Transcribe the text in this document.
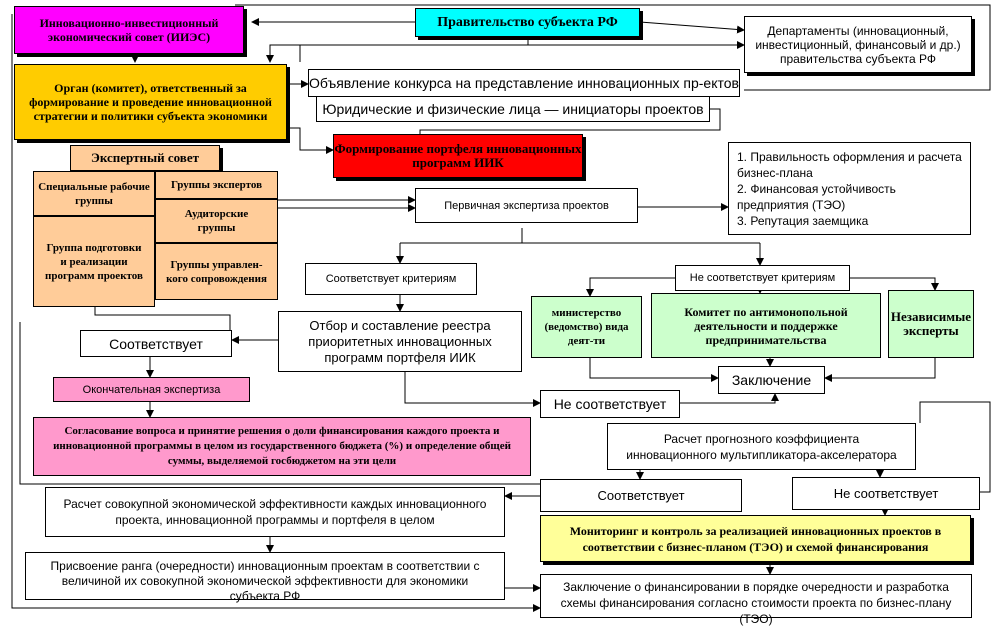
Инновационно-инвестиционный экономический совет (ИИЭС)
Правительство субъекта РФ
Департаменты (инновационный, инвестиционный, финансовый и др.) правительства субъекта РФ
Орган (комитет), ответственный за формирование и проведение инновационной стратегии и политики субъекта экономики
Объявление конкурса на представление инновационных пр-ектов
Юридические и физические лица — инициаторы проектов
Формирование портфеля инновационных программ ИИК
Экспертный совет
Специальные рабочие группы
Группы экспертов
Аудиторские группы
Группа подготовки и реализации программ проектов
Группы управлен-кого сопровождения
1. Правильность оформления и расчета бизнес-плана
2. Финансовая устойчивость предприятия (ТЭО)
3. Репутация заемщика
Первичная экспертиза проектов
Соответствует критериям	Не соответствует критериям
Отбор и составление реестра приоритетных инновационных программ портфеля ИИК
министерство (ведомство) вида деят-ти
Комитет по антимонопольной деятельности и поддержке предпринимательства
Независимые эксперты
Заключение
Соответствует
Окончательная экспертиза
Не соответствует
Согласование вопроса и принятие решения о доли финансирования каждого проекта и инновационной программы в целом из государственного бюджета (%) и определение общей суммы, выделяемой госбюджетом на эти цели
Расчет прогнозного коэффициента инновационного мультипликатора-акселератора
Расчет совокупной экономической эффективности каждых инновационного проекта, инновационной программы и портфеля в целом
Соответствует	Не соответствует
Мониторинг и контроль за реализацией инновационных проектов в соответствии с бизнес-планом (ТЭО) и схемой финансирования
Присвоение ранга (очередности) инновационным проектам в соответствии с величиной их совокупной экономической эффективности для экономики субъекта РФ
Заключение о финансировании в порядке очередности и разработка схемы финансирования согласно стоимости проекта по бизнес-плану (ТЭО)
